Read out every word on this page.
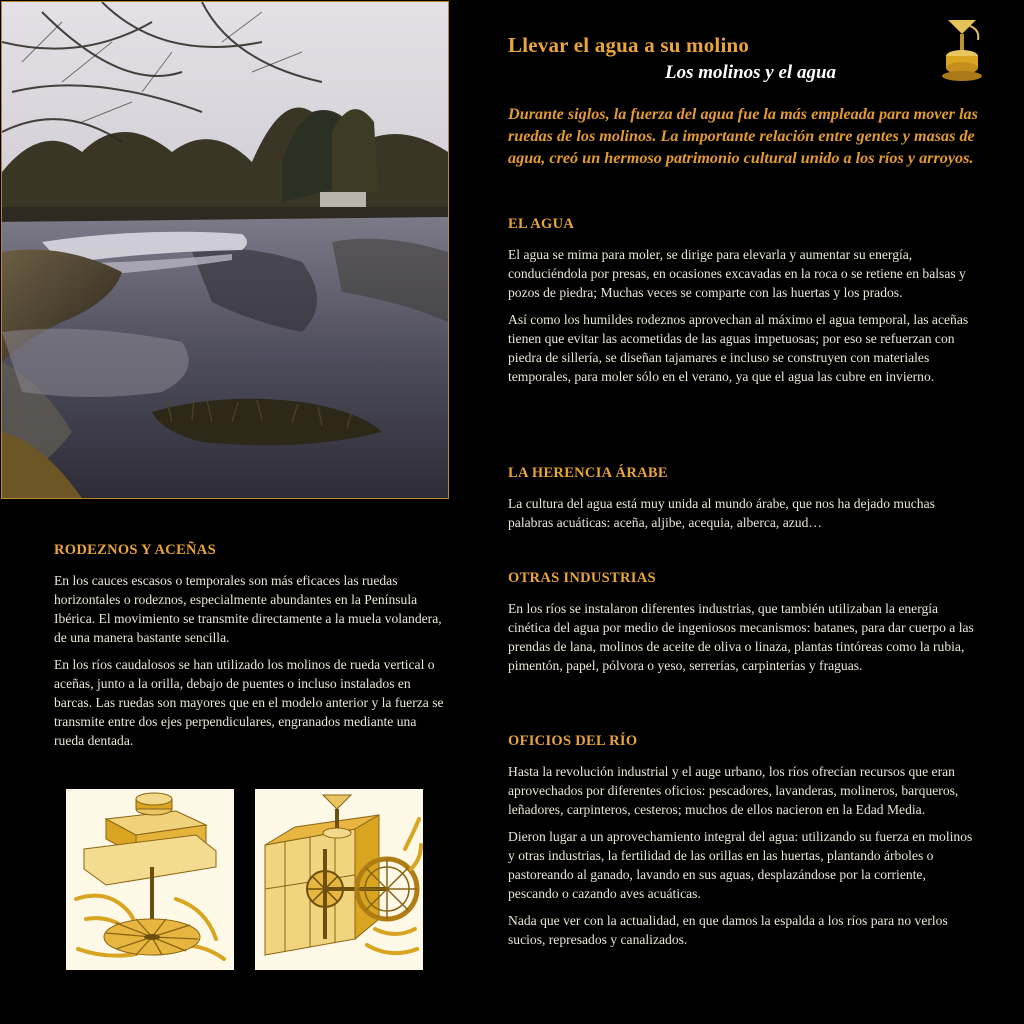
Llevar el agua a su molino
Los molinos y el agua

Durante siglos, la fuerza del agua fue la más empleada para mover las ruedas de los molinos. La importante relación entre gentes y masas de agua, creó un hermoso patrimonio cultural unido a los ríos y arroyos.

EL AGUA

El agua se mima para moler, se dirige para elevarla y aumentar su energía, conduciéndola por presas, en ocasiones excavadas en la roca o se retiene en balsas y pozos de piedra; Muchas veces se comparte con las huertas y los prados.

Así como los humildes rodeznos aprovechan al máximo el agua temporal, las aceñas tienen que evitar las acometidas de las aguas impetuosas; por eso se refuerzan con piedra de sillería, se diseñan tajamares e incluso se construyen con materiales temporales, para moler sólo en el verano, ya que el agua las cubre en invierno.

LA HERENCIA ÁRABE

La cultura del agua está muy unida al mundo árabe, que nos ha dejado muchas palabras acuáticas: aceña, aljibe, acequia, alberca, azud…

OTRAS INDUSTRIAS

En los ríos se instalaron diferentes industrias, que también utilizaban la energía cinética del agua por medio de ingeniosos mecanismos: batanes, para dar cuerpo a las prendas de lana, molinos de aceite de oliva o linaza, plantas tintóreas como la rubia, pimentón, papel, pólvora o yeso, serrerías, carpinterías y fraguas.

OFICIOS DEL RÍO

Hasta la revolución industrial y el auge urbano, los ríos ofrecían recursos que eran aprovechados por diferentes oficios: pescadores, lavanderas, molineros, barqueros, leñadores, carpinteros, cesteros; muchos de ellos nacieron en la Edad Media.

Dieron lugar a un aprovechamiento integral del agua: utilizando su fuerza en molinos y otras industrias, la fertilidad de las orillas en las huertas, plantando árboles o pastoreando al ganado, lavando en sus aguas, desplazándose por la corriente, pescando o cazando aves acuáticas.

Nada que ver con la actualidad, en que damos la espalda a los ríos para no verlos sucios, represados y canalizados.

RODEZNOS Y ACEÑAS

En los cauces escasos o temporales son más eficaces las ruedas horizontales o rodeznos, especialmente abundantes en la Península Ibérica. El movimiento se transmite directamente a la muela volandera, de una manera bastante sencilla.

En los ríos caudalosos se han utilizado los molinos de rueda vertical o aceñas, junto a la orilla, debajo de puentes o incluso instalados en barcas. Las ruedas son mayores que en el modelo anterior y la fuerza se transmite entre dos ejes perpendiculares, engranados mediante una rueda dentada.
